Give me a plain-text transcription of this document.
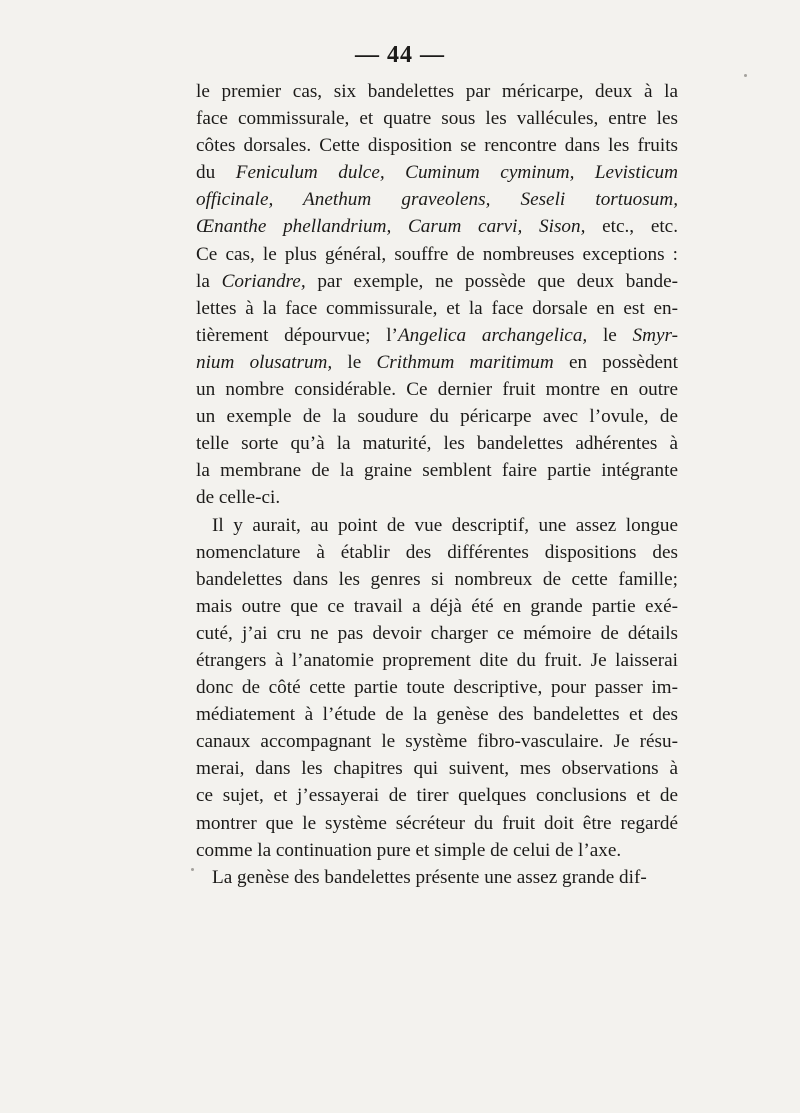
— 44 —
le premier cas, six bandelettes par méricarpe, deux à la
face commissurale, et quatre sous les vallécules, entre les
côtes dorsales. Cette disposition se rencontre dans les fruits
du Feniculum dulce, Cuminum cyminum, Levisticum
officinale, Anethum graveolens, Seseli tortuosum,
Œnanthe phellandrium, Carum carvi, Sison, etc., etc.
Ce cas, le plus général, souffre de nombreuses exceptions :
la Coriandre, par exemple, ne possède que deux bande-
lettes à la face commissurale, et la face dorsale en est en-
tièrement dépourvue; l’Angelica archangelica, le Smyr-
nium olusatrum, le Crithmum maritimum en possèdent
un nombre considérable. Ce dernier fruit montre en outre
un exemple de la soudure du péricarpe avec l’ovule, de
telle sorte qu’à la maturité, les bandelettes adhérentes à
la membrane de la graine semblent faire partie intégrante
de celle-ci.
Il y aurait, au point de vue descriptif, une assez longue
nomenclature à établir des différentes dispositions des
bandelettes dans les genres si nombreux de cette famille;
mais outre que ce travail a déjà été en grande partie exé-
cuté, j’ai cru ne pas devoir charger ce mémoire de détails
étrangers à l’anatomie proprement dite du fruit. Je laisserai
donc de côté cette partie toute descriptive, pour passer im-
médiatement à l’étude de la genèse des bandelettes et des
canaux accompagnant le système fibro-vasculaire. Je résu-
merai, dans les chapitres qui suivent, mes observations à
ce sujet, et j’essayerai de tirer quelques conclusions et de
montrer que le système sécréteur du fruit doit être regardé
comme la continuation pure et simple de celui de l’axe.
La genèse des bandelettes présente une assez grande dif-
